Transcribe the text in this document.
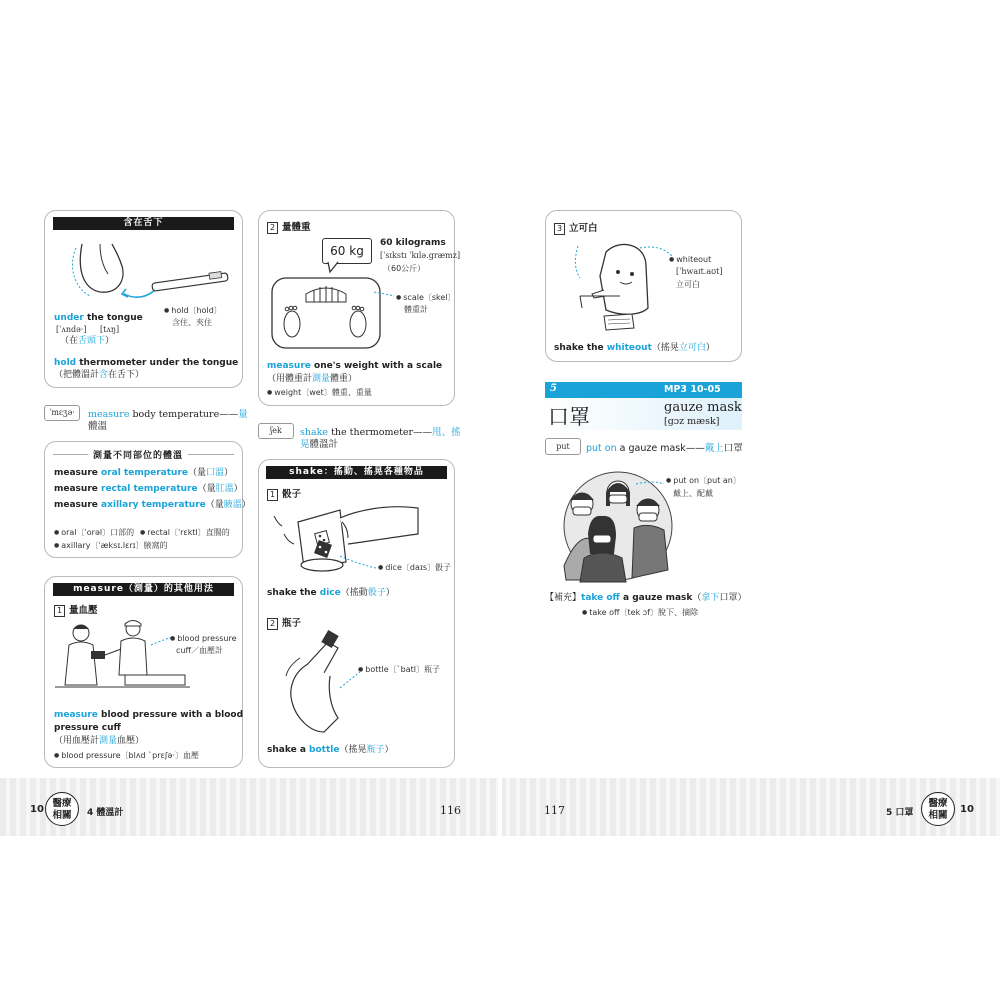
含在舌下
● hold〔hold〕
含住、夾住
under the tongue
[ˈʌndə·] [tʌŋ]
（在舌頭下）
hold thermometer under the tongue
（把體溫計含在舌下）
ˈmɛʒə·	measure body temperature——量
體溫
測量不同部位的體溫
measure oral temperature（量口溫）
measure rectal temperature（量肛溫）
measure axillary temperature（量腋溫）
● oral〔ˈorəl〕口部的
●	rectal〔ˈrɛktl〕直腸的
● axillary〔ˈæksɪ.lɛrɪ〕腋窩的
measure（測量）的其他用法
1 量血壓
● blood pressure
cuff／血壓計
measure blood pressure with a blood
pressure cuff
（用血壓計測量血壓）
● blood pressure〔blʌd ˋprɛʃə·〕血壓
2 量體重
60 kg
60 kilograms
[ˈsɪkstɪ ˈkɪlə.græmz]
（60公斤）
● scale〔skel〕
體重計
measure one's weight with a scale
（用體重計測量體重）
● weight〔wet〕體重、重量
ʃek	shake the thermometer——甩、搖
晃體溫計
shake：搖動、搖晃各種物品
1 骰子
● dice〔daɪs〕骰子
shake the dice（搖動骰子）
2 瓶子
● bottle〔ˋbatl〕瓶子
shake a bottle（搖晃瓶子）
3 立可白
● whiteout
[ˈhwaɪt.aʊt]
立可白
shake the whiteout（搖晃立可白）
5	MP3 10-05
口罩	gauze mask
[gɔz mæsk]
put	put on a gauze mask——戴上口罩
● put on〔put an〕
戴上、配戴
【補充】take off a gauze mask（拿下口罩）
● take off〔tek ɔf〕脫下、摘除
10
醫療
相關	4 體溫計	116	117	5 口罩
醫療
相關
10
